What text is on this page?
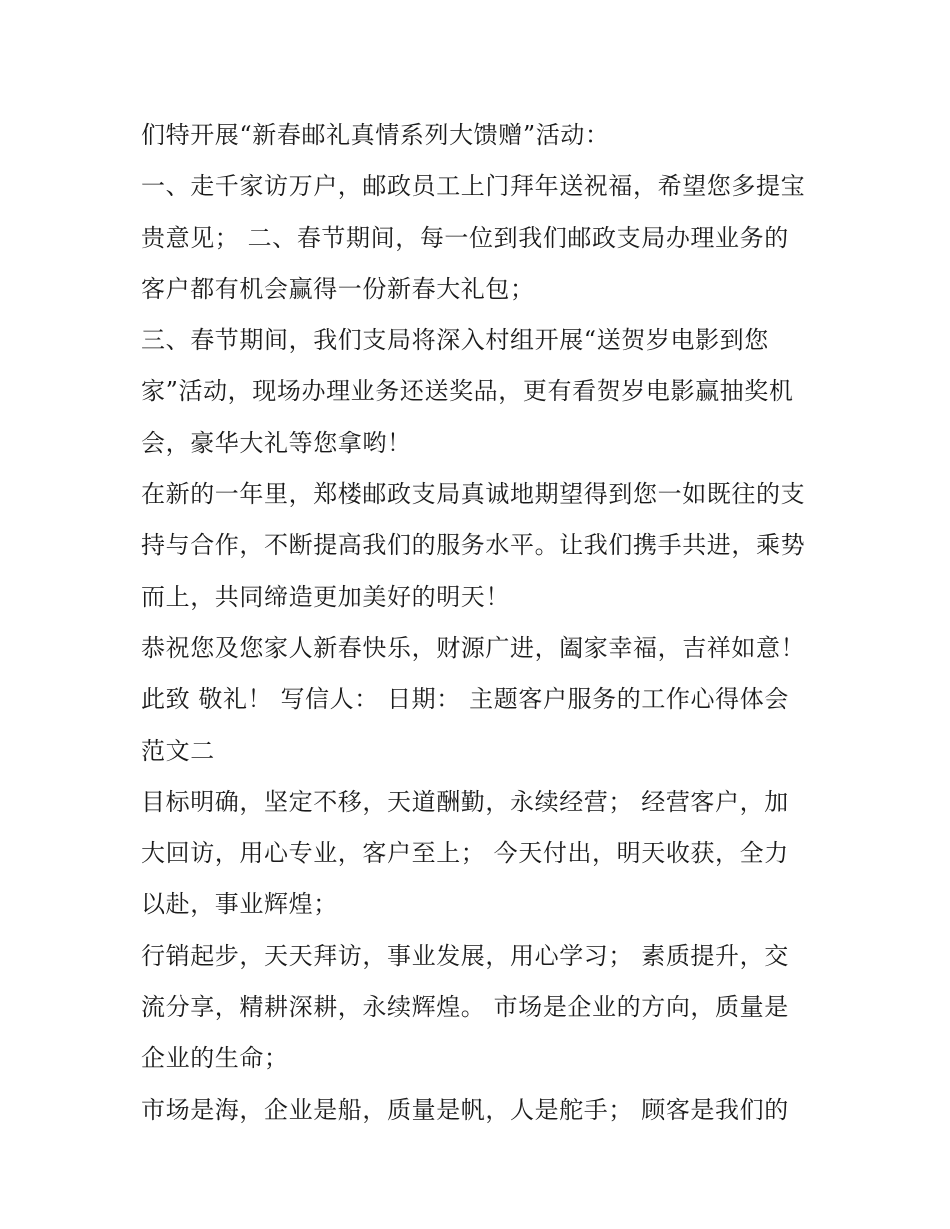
们特开展“新春邮礼真情系列大馈赠”活动：
一、走千家访万户，邮政员工上门拜年送祝福，希望您多提宝
贵意见； 二、春节期间，每一位到我们邮政支局办理业务的
客户都有机会赢得一份新春大礼包；
三、春节期间，我们支局将深入村组开展“送贺岁电影到您
家”活动，现场办理业务还送奖品，更有看贺岁电影赢抽奖机
会，豪华大礼等您拿哟！
在新的一年里，郑楼邮政支局真诚地期望得到您一如既往的支
持与合作，不断提高我们的服务水平。让我们携手共进，乘势
而上，共同缔造更加美好的明天！
恭祝您及您家人新春快乐，财源广进，阖家幸福，吉祥如意！
此致 敬礼！ 写信人： 日期： 主题客户服务的工作心得体会
范文二
目标明确，坚定不移，天道酬勤，永续经营； 经营客户，加
大回访，用心专业，客户至上； 今天付出，明天收获，全力
以赴，事业辉煌；
行销起步，天天拜访，事业发展，用心学习； 素质提升，交
流分享，精耕深耕，永续辉煌。 市场是企业的方向，质量是
企业的生命；
市场是海，企业是船，质量是帆，人是舵手； 顾客是我们的
